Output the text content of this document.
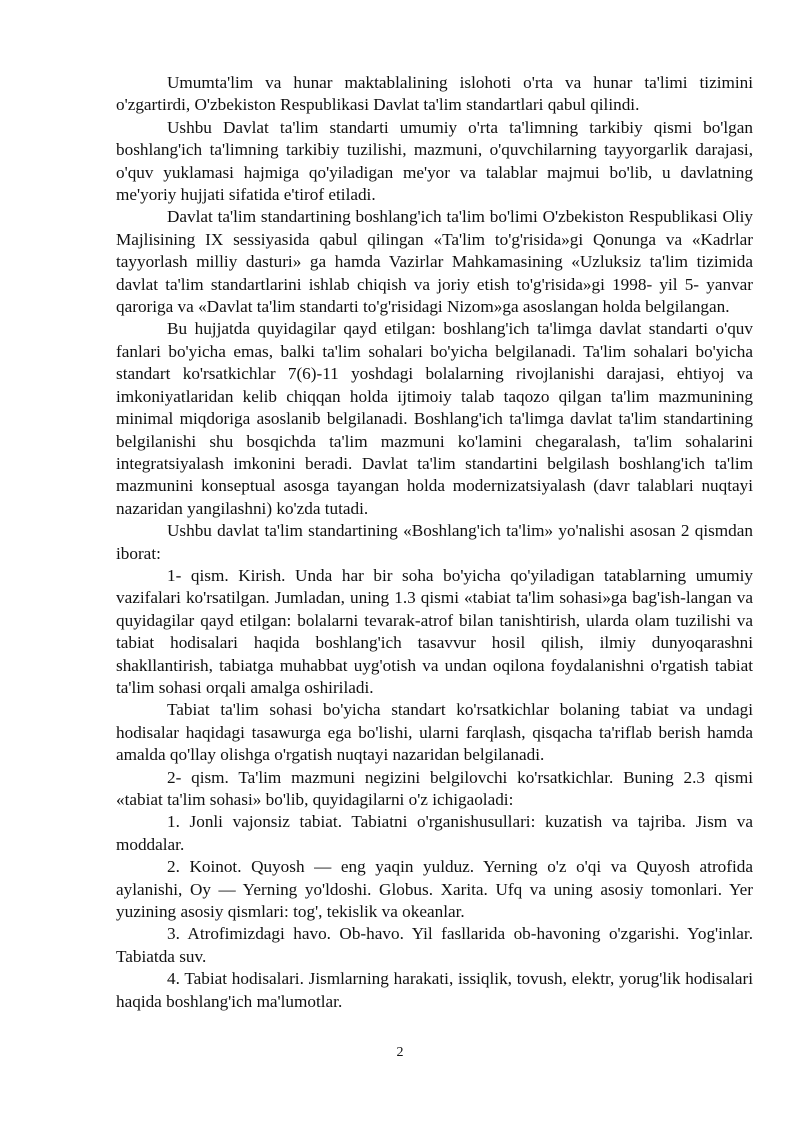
Umumta'lim va hunar maktablalining islohoti o'rta va hunar ta'limi tizimini o'zgartirdi, O'zbekiston Respublikasi Davlat ta'lim standartlari qabul qilindi.

Ushbu Davlat ta'lim standarti umumiy o'rta ta'limning tarkibiy qismi bo'lgan boshlang'ich ta'limning tarkibiy tuzilishi, mazmuni, o'quvchilarning tayyorgarlik darajasi, o'quv yuklamasi hajmiga qo'yiladigan me'yor va talablar majmui bo'lib, u davlatning me'yoriy hujjati sifatida e'tirof etiladi.

Davlat ta'lim standartining boshlang'ich ta'lim bo'limi O'zbekiston Respublikasi Oliy Majlisining IX sessiyasida qabul qilingan «Ta'lim to'g'risida»gi Qonunga va «Kadrlar tayyorlash milliy dasturi» ga hamda Vazirlar Mahkamasining «Uzluksiz ta'lim tizimida davlat ta'lim standartlarini ishlab chiqish va joriy etish to'g'risida»gi 1998- yil 5- yanvar qaroriga va «Davlat ta'lim standarti to'g'risidagi Nizom»ga asoslangan holda belgilangan.

Bu hujjatda quyidagilar qayd etilgan: boshlang'ich ta'limga davlat standarti o'quv fanlari bo'yicha emas, balki ta'lim sohalari bo'yicha belgilanadi. Ta'lim sohalari bo'yicha standart ko'rsatkichlar 7(6)-11 yoshdagi bolalarning rivojlanishi darajasi, ehtiyoj va imkoniyatlaridan kelib chiqqan holda ijtimoiy talab taqozo qilgan ta'lim mazmunining minimal miqdoriga asoslanib belgilanadi. Boshlang'ich ta'limga davlat ta'lim standartining belgilanishi shu bosqichda ta'lim mazmuni ko'lamini chegaralash, ta'lim sohalarini integratsiyalash imkonini beradi. Davlat ta'lim standartini belgilash boshlang'ich ta'lim mazmunini konseptual asosga tayangan holda modernizatsiyalash (davr talablari nuqtayi nazaridan yangilashni) ko'zda tutadi.

Ushbu davlat ta'lim standartining «Boshlang'ich ta'lim» yo'nalishi asosan 2 qismdan iborat:

1- qism. Kirish. Unda har bir soha bo'yicha qo'yiladigan tatablarning umumiy vazifalari ko'rsatilgan. Jumladan, uning 1.3 qismi «tabiat ta'lim sohasi»ga bag'ish-langan va quyidagilar qayd etilgan: bolalarni tevarak-atrof bilan tanishtirish, ularda olam tuzilishi va tabiat hodisalari haqida boshlang'ich tasavvur hosil qilish, ilmiy dunyoqarashni shakllantirish, tabiatga muhabbat uyg'otish va undan oqilona foydalanishni o'rgatish tabiat ta'lim sohasi orqali amalga oshiriladi.

Tabiat ta'lim sohasi bo'yicha standart ko'rsatkichlar bolaning tabiat va undagi hodisalar haqidagi tasawurga ega bo'lishi, ularni farqlash, qisqacha ta'riflab berish hamda amalda qo'llay olishga o'rgatish nuqtayi nazaridan belgilanadi.

2- qism. Ta'lim mazmuni negizini belgilovchi ko'rsatkichlar. Buning 2.3 qismi «tabiat ta'lim sohasi» bo'lib, quyidagilarni o'z ichigaoladi:

1. Jonli vajonsiz tabiat. Tabiatni o'rganishusullari: kuzatish va tajriba. Jism va moddalar.

2. Koinot. Quyosh — eng yaqin yulduz. Yerning o'z o'qi va Quyosh atrofida aylanishi, Oy — Yerning yo'ldoshi. Globus. Xarita. Ufq va uning asosiy tomonlari. Yer yuzining asosiy qismlari: tog', tekislik va okeanlar.

3. Atrofimizdagi havo. Ob-havo. Yil fasllarida ob-havoning o'zgarishi. Yog'inlar. Tabiatda suv.

4. Tabiat hodisalari. Jismlarning harakati, issiqlik, tovush, elektr, yorug'lik hodisalari haqida boshlang'ich ma'lumotlar.

2
